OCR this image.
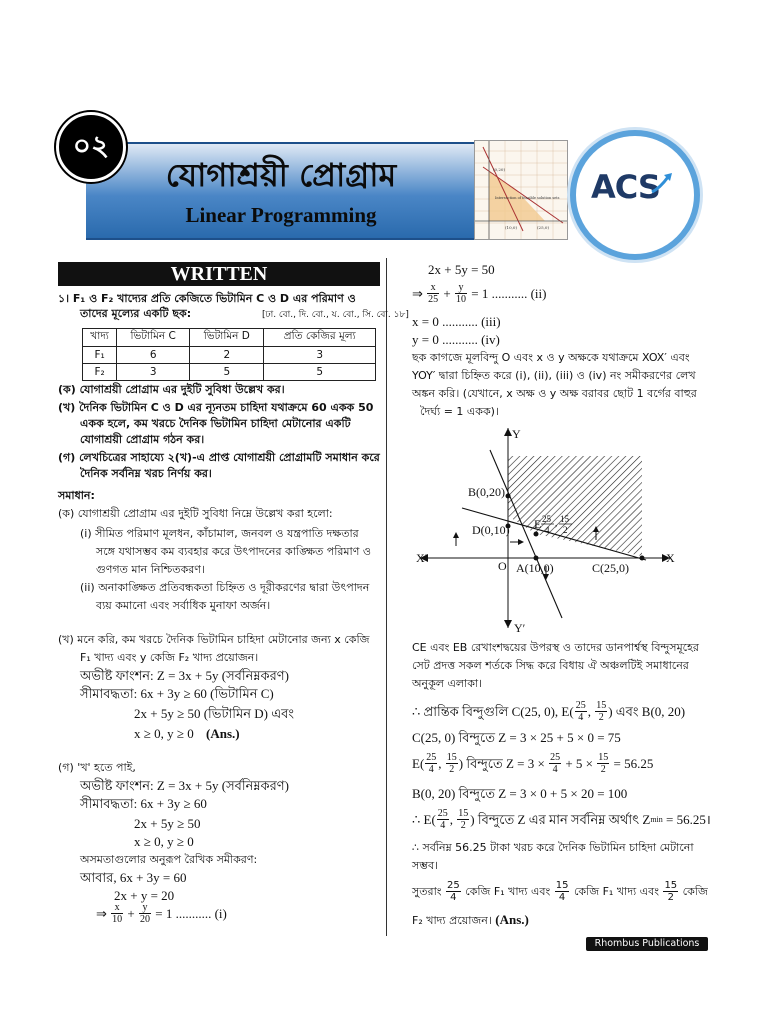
০২
যোগাশ্রয়ী প্রোগ্রাম
Linear Programming
(0,20)
(10,0)	(25,0)
Intersection of feasible solution sets ACS
WRITTEN
১। F₁ ও F₂ খাদ্যের প্রতি কেজিতে ভিটামিন C ও D এর পরিমাণ ও
তাদের মূল্যের একটি ছক:	[ঢা. বো., দি. বো., য. বো., সি. বো. ১৮]
খাদ্য	ভিটামিন C	ভিটামিন D	প্রতি কেজির মূল্য
F₁	6	2	3
F₂	3	5	5
(ক) যোগাশ্রয়ী প্রোগ্রাম এর দুইটি সুবিধা উল্লেখ কর।
(খ) দৈনিক ভিটামিন C ও D এর ন্যূনতম চাহিদা যথাক্রমে 60 একক 50
একক হলে, কম খরচে দৈনিক ভিটামিন চাহিদা মেটানোর একটি
যোগাশ্রয়ী প্রোগ্রাম গঠন কর।
(গ) লেখচিত্রের সাহায্যে ২(খ)-এ প্রাপ্ত যোগাশ্রয়ী প্রোগ্রামটি সমাধান করে
দৈনিক সর্বনিম্ন খরচ নির্ণয় কর।
সমাধান:
(ক) যোগাশ্রয়ী প্রোগ্রাম এর দুইটি সুবিধা নিম্নে উল্লেখ করা হলো:
(i) সীমিত পরিমাণ মূলধন, কাঁচামাল, জনবল ও যন্ত্রপাতি দক্ষতার
সঙ্গে যথাসম্ভব কম ব্যবহার করে উৎপাদনের কাঙ্ক্ষিত পরিমাণ ও
গুণগত মান নিশ্চিতকরণ।
(ii) অনাকাঙ্ক্ষিত প্রতিবন্ধকতা চিহ্নিত ও দূরীকরণের দ্বারা উৎপাদন
ব্যয় কমানো এবং সর্বাধিক মুনাফা অর্জন।
(খ) মনে করি, কম খরচে দৈনিক ভিটামিন চাহিদা মেটানোর জন্য x কেজি
F₁ খাদ্য এবং y কেজি F₂ খাদ্য প্রয়োজন।
অভীষ্ট ফাংশন: Z = 3x + 5y (সর্বনিম্নকরণ)
সীমাবদ্ধতা: 6x + 3y ≥ 60 (ভিটামিন C)
2x + 5y ≥ 50 (ভিটামিন D) এবং
x ≥ 0, y ≥ 0 (Ans.)
(গ) 'খ' হতে পাই,
অভীষ্ট ফাংশন: Z = 3x + 5y (সর্বনিম্নকরণ)
সীমাবদ্ধতা: 6x + 3y ≥ 60
2x + 5y ≥ 50
x ≥ 0, y ≥ 0
অসমতাগুলোর অনুরূপ রৈখিক সমীকরণ:
আবার, 6x + 3y = 60
2x + y = 20
⇒ $\frac{x}{10} + \frac{y}{20}$
= 1 ........... (i)
2x + 5y = 50
⇒ $\frac{x}{25} + \frac{y}{10}$
= 1 ........... (ii)
x = 0 ........... (iii)
y = 0 ........... (iv)
ছক কাগজে মূলবিন্দু O এবং x ও y অক্ষকে যথাক্রমে XOX′ এবং
YOY′ দ্বারা চিহ্নিত করে (i), (ii), (iii) ও (iv) নং সমীকরণের লেখ
অঙ্কন করি। (যেখানে, x অক্ষ ও y অক্ষ বরাবর ছোট 1 বর্গের বাহুর
দৈর্ঘ্য = 1 একক)।
Y
Y′
X
X′
O
B(0,20)
D(0,10) E
A(10,0)	C(25,0)
25
4
, 15
2
CE এবং EB রেখাংশদ্বয়ের উপরস্থ ও তাদের ডানপার্শ্বস্থ বিন্দুসমূহের
সেট প্রদত্ত সকল শর্তকে সিদ্ধ করে বিধায় ঐ অঞ্চলটিই সমাধানের
অনুকূল এলাকা।
∴ প্রান্তিক বিন্দুগুলি C(25, 0), E ( $\frac{25}{4}$ , $\frac{15}{2}$ ) এবং B(0, 20)
C(25, 0) বিন্দুতে Z = 3 × 25 + 5 × 0 = 75
$E( \frac{25}{4}$ , $\frac{15}{2}$ ) বিন্দুতে Z = 3 ×
$\frac{25}{4} + 5 \times \frac{15}{2}$
= 56.25
B(0, 20) বিন্দুতে Z = 3 × 0 + 5 × 20 = 100
∴ $E( \frac{25}{4}$ , $\frac{15}{2}$ ) বিন্দুতে Z এর মান সর্বনিম্ন অর্থাৎ Z min
= 56.25।
∴ সর্বনিম্ন 56.25 টাকা খরচ করে দৈনিক ভিটামিন চাহিদা মেটানো
সম্ভব।
সুতরাং
$\frac{25}{4}$
কেজি F₁ খাদ্য এবং
$\frac{15}{4}$
কেজি F₁ খাদ্য এবং
$\frac{15}{2}$
কেজি
F₂ খাদ্য প্রয়োজন। (Ans.)
Rhombus Publications
